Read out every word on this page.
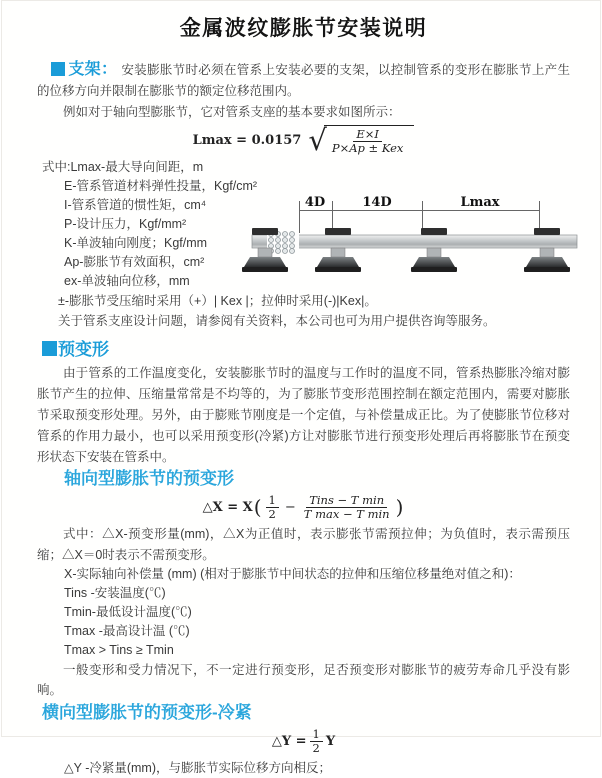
金属波纹膨胀节安装说明

支架： 安装膨胀节时必须在管系上安装必要的支架，以控制管系的变形在膨胀节上产生的位移方向并限制在膨胀节的额定位移范围内。

例如对于轴向型膨胀节，它对管系支座的基本要求如图所示：

Lmax = 0.0157 √ $\frac{E\times I}{\text{P×Ap ± Kex}}$

式中:Lmax-最大导向间距，m

E-管系管道材料弹性投量，Kgf/cm²

I-管系管道的惯性矩，cm⁴

P-设计压力，Kgf/mm²

K-单波轴向刚度；Kgf/mm

Ap-膨胀节有效面积，cm²

ex-单波轴向位移，mm

±-膨胀节受压缩时采用（+）| Kex |；拉伸时采用(-)|Kex|。

关于管系支座设计问题，请参阅有关资料，本公司也可为用户提供咨询等服务。

4D	14D	Lmax
预变形

由于管系的工作温度变化，安装膨胀节时的温度与工作时的温度不同，管系热膨胀冷缩对膨胀节产生的拉伸、压缩量常常是不均等的，为了膨胀节变形范围控制在额定范围内，需要对膨胀节采取预变形处理。另外，由于膨账节刚度是一个定值，与补偿量成正比。为了使膨胀节位移对管系的作用力最小，也可以采用预变形(冷紧)方让对膨胀节进行预变形处理后再将膨胀节在预变形状态下安装在管系中。

轴向型膨胀节的预变形
△X = X ( $\frac{1}{2} - \frac{\text{Tins − T min}}{\text{T max − T min}}$ )

式中：△X-预变形量(mm)，△X为正值时，表示膨张节需预拉伸；为负值时，表示需预压缩；△X＝0时表示不需预变形。

X-实际轴向补偿量 (mm) (相对于膨胀节中间状态的拉伸和压缩位移量绝对值之和)：

Tins -安装温度(℃)

Tmin-最低设计温度(℃)

Tmax -最高设计温 (℃)

Tmax > Tins ≥ Tmin

一般变形和受力情况下，不一定进行预变形，足否预变形对膨胀节的疲劳寿命几乎没有影响。

横向型膨胀节的预变形-冷紧
△Y = $\frac{1}{2}$ Y

△Y -冷紧量(mm)，与膨胀节实际位移方向相反；
